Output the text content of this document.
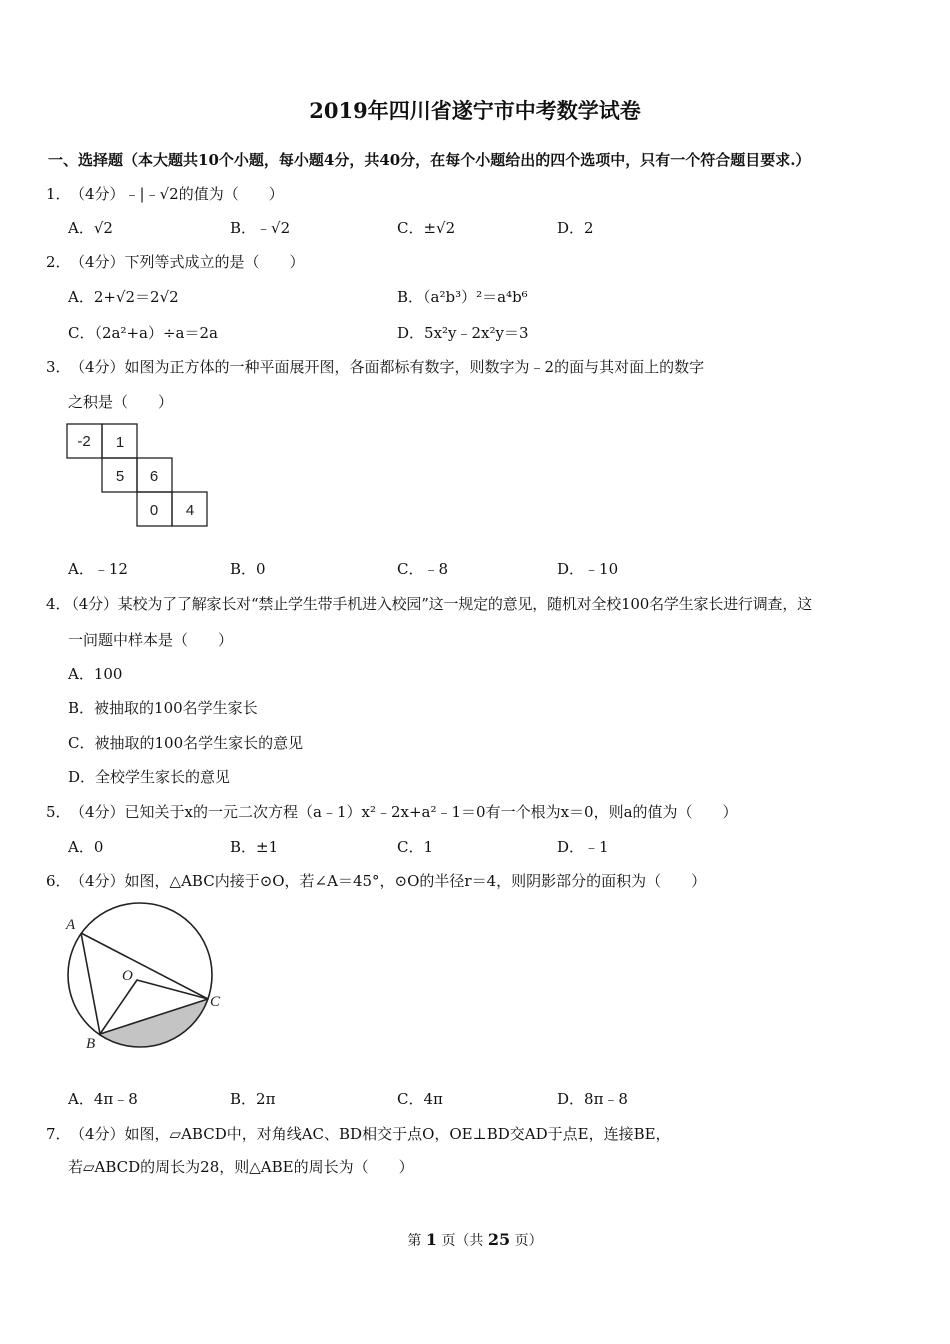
2019年四川省遂宁市中考数学试卷
一、选择题（本大题共10个小题，每小题4分，共40分，在每个小题给出的四个选项中，只有一个符合题目要求.）
1． （4分）﹣|﹣√2的值为（　　）
A．√2	B．﹣√2	C．±√2	D．2
2． （4分）下列等式成立的是（　　）
A．2+√2＝2√2	B．（a²b³）²＝a⁴b⁶
C．（2a²+a）÷a＝2a	D．5x²y﹣2x²y＝3
3． （4分）如图为正方体的一种平面展开图，各面都标有数字，则数字为﹣2的面与其对面上的数字
之积是（　　）
-2 1
5 6
0 4
A．﹣12	B．0	C．﹣8	D．﹣10
4．
（4分）某校为了了解家长对“禁止学生带手机进入校园”这一规定的意见，随机对全校100名学生家长进行调查，这
一问题中样本是（　　）
A．100
B．被抽取的100名学生家长
C．被抽取的100名学生家长的意见
D．全校学生家长的意见
5． （4分）已知关于x的一元二次方程（a﹣1）x²﹣2x+a²﹣1＝0有一个根为x＝0，则a的值为（　　）
A．0	B．±1	C．1	D．﹣1
6． （4分）如图，△ABC内接于⊙O，若∠A＝45°，⊙O的半径r＝4，则阴影部分的面积为（　　）
A
B
C
O
A．4π﹣8	B．2π	C．4π	D．8π﹣8
7． （4分）如图，▱ABCD中，对角线AC、BD相交于点O，OE⊥BD交AD于点E，连接BE，
若▱ABCD的周长为28，则△ABE的周长为（　　）
第 1 页（共 25 页）
